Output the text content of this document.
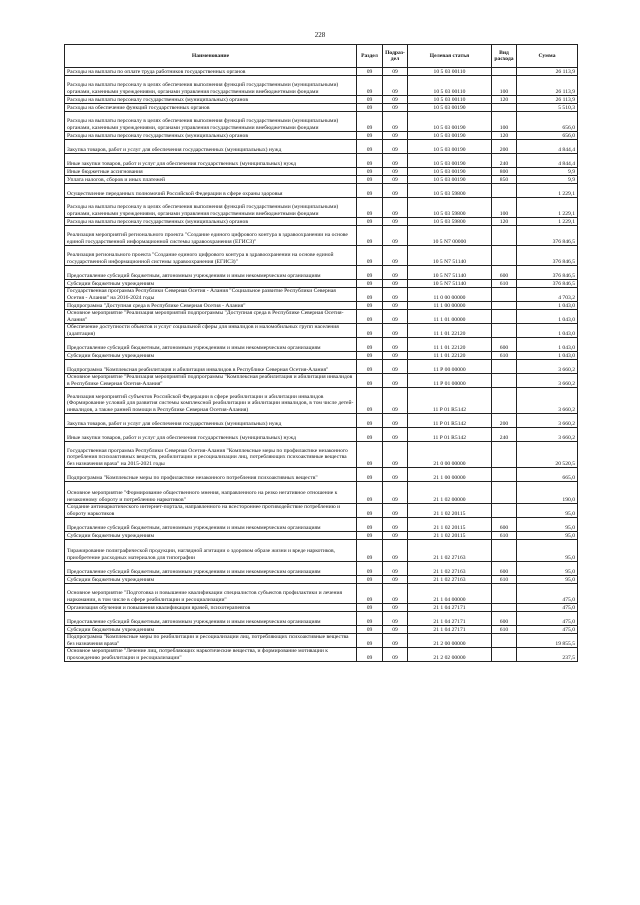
228
Наименование	Раздел	Подраз-дел	Целевая статья	Вид расхода	Сумма
Расходы на выплаты по оплате труда работников государственных органов	09	09	10 5 03 00110		26 113,9
Расходы на выплаты персоналу в целях обеспечения выполнения функций государственными (муниципальными) органами, казенными учреждениями, органами управления государственными внебюджетными фондами	09	09	10 5 03 00110	100	26 113,9
Расходы на выплаты персоналу государственных (муниципальных) органов	09	09	10 5 03 00110	120	26 113,9
Расходы на обеспечение функций государственных органов	09	09	10 5 03 00190		5 510,3
Расходы на выплаты персоналу в целях обеспечения выполнения функций государственными (муниципальными) органами, казенными учреждениями, органами управления государственными внебюджетными фондами	09	09	10 5 03 00190	100	656,0
Расходы на выплаты персоналу государственных (муниципальных) органов	09	09	10 5 03 00190	120	656,0
Закупка товаров, работ и услуг для обеспечения государственных (муниципальных) нужд	09	09	10 5 03 00190	200	4 844,4
Иные закупки товаров, работ и услуг для обеспечения государственных (муниципальных) нужд	09	09	10 5 03 00190	240	4 844,4
Иные бюджетные ассигнования	09	09	10 5 03 00190	800	9,9
Уплата налогов, сборов и иных платежей	09	09	10 5 03 00190	850	9,9
Осуществление переданных полномочий Российской Федерации в сфере охраны здоровья	09	09	10 5 03 59800		1 229,1
Расходы на выплаты персоналу в целях обеспечения выполнения функций государственными (муниципальными) органами, казенными учреждениями, органами управления государственными внебюджетными фондами	09	09	10 5 03 59800	100	1 229,1
Расходы на выплаты персоналу государственных (муниципальных) органов	09	09	10 5 03 59800	120	1 229,1
Реализация мероприятий регионального проекта "Создание единого цифрового контура в здравоохранении на основе единой государственной информационной системы здравоохранения (ЕГИСЗ)"	09	09	10 5 N7 00000		376 846,5
Реализация регионального проекта "Создание единого цифрового контура в здравоохранении на основе единой государственной информационной системы здравоохранения (ЕГИСЗ)"	09	09	10 5 N7 51140		376 846,5
Предоставление субсидий бюджетным, автономным учреждениям и иным некоммерческим организациям	09	09	10 5 N7 51140	600	376 846,5
Субсидии бюджетным учреждениям	09	09	10 5 N7 51140	610	376 846,5
Государственная программа Республики Северная Осетия - Алания "Социальное развитие Республики Северная Осетия - Алания" на 2016-2024 годы	09	09	11 0 00 00000		4 703,2
Подпрограмма "Доступная среда в Республике Северная Осетия - Алания"	09	09	11 1 00 00000		1 043,0
Основное мероприятие "Реализация мероприятий подпрограммы "Доступная среда в Республике Северная Осетия-Алания"	09	09	11 1 01 00000		1 043,0
Обеспечение доступности объектов и услуг социальной сферы для инвалидов и маломобильных групп населения (адаптация)	09	09	11 1 01 22120		1 043,0
Предоставление субсидий бюджетным, автономным учреждениям и иным некоммерческим организациям	09	09	11 1 01 22120	600	1 043,0
Субсидии бюджетным учреждениям	09	09	11 1 01 22120	610	1 043,0
Подпрограмма "Комплексная реабилитация и абилитация инвалидов в Республике Северная Осетия-Алания"	09	09	11 Р 00 00000		3 660,2
Основное мероприятие "Реализация мероприятий подпрограммы "Комплексная реабилитация и абилитация инвалидов в Республике Северная Осетия-Алания"	09	09	11 Р 01 00000		3 660,2
Реализация мероприятий субъектов Российской Федерации в сфере реабилитации и абилитации инвалидов (Формирование условий для развития системы комплексной реабилитации и абилитации инвалидов, в том числе детей-инвалидов, а также ранней помощи в Республике Северная Осетия-Алания)	09	09	11 Р 01 R5142		3 660,2
Закупка товаров, работ и услуг для обеспечения государственных (муниципальных) нужд	09	09	11 Р 01 R5142	200	3 660,2
Иные закупки товаров, работ и услуг для обеспечения государственных (муниципальных) нужд	09	09	11 Р 01 R5142	240	3 660,2
Государственная программа Республики Северная Осетия-Алания "Комплексные меры по профилактике незаконного потребления психоактивных веществ, реабилитации и ресоциализации лиц, потребляющих психоактивные вещества без назначения врача" на 2015-2021 годы	09	09	21 0 00 00000		20 520,5
Подпрограмма "Комплексные меры по профилактике незаконного потребления психоактивных веществ"	09	09	21 1 00 00000		665,0
Основное мероприятие "Формирование общественного мнения, направленного на резко негативное отношение к незаконному обороту и потреблению наркотиков"	09	09	21 1 02 00000		190,0
Создание антинаркотического интернет-портала, направленного на всестороннее противодействие потреблению и обороту наркотиков	09	09	21 1 02 20115		95,0
Предоставление субсидий бюджетным, автономным учреждениям и иным некоммерческим организациям	09	09	21 1 02 20115	600	95,0
Субсидии бюджетным учреждениям	09	09	21 1 02 20115	610	95,0
Тиражирование полиграфической продукции, наглядной агитации о здоровом образе жизни и вреде наркотиков, приобретение расходных материалов для типографии	09	09	21 1 02 27163		95,0
Предоставление субсидий бюджетным, автономным учреждениям и иным некоммерческим организациям	09	09	21 1 02 27163	600	95,0
Субсидии бюджетным учреждениям	09	09	21 1 02 27163	610	95,0
Основное мероприятие "Подготовка и повышение квалификации специалистов субъектов профилактики и лечения наркомании, в том числе в сфере реабилитации и ресоциализации"	09	09	21 1 04 00000		475,0
Организация обучения и повышения квалификации врачей, психотерапевтов	09	09	21 1 04 27171		475,0
Предоставление субсидий бюджетным, автономным учреждениям и иным некоммерческим организациям	09	09	21 1 04 27171	600	475,0
Субсидии бюджетным учреждениям	09	09	21 1 04 27171	610	475,0
Подпрограмма "Комплексные меры по реабилитации и ресоциализации лиц, потребляющих психоактивные вещества без назначения врача"	09	09	21 2 00 00000		19 855,5
Основное мероприятие "Лечение лиц, потребляющих наркотические вещества, и формирование мотивации к прохождению реабилитации и ресоциализации"	09	09	21 2 02 00000		237,5
